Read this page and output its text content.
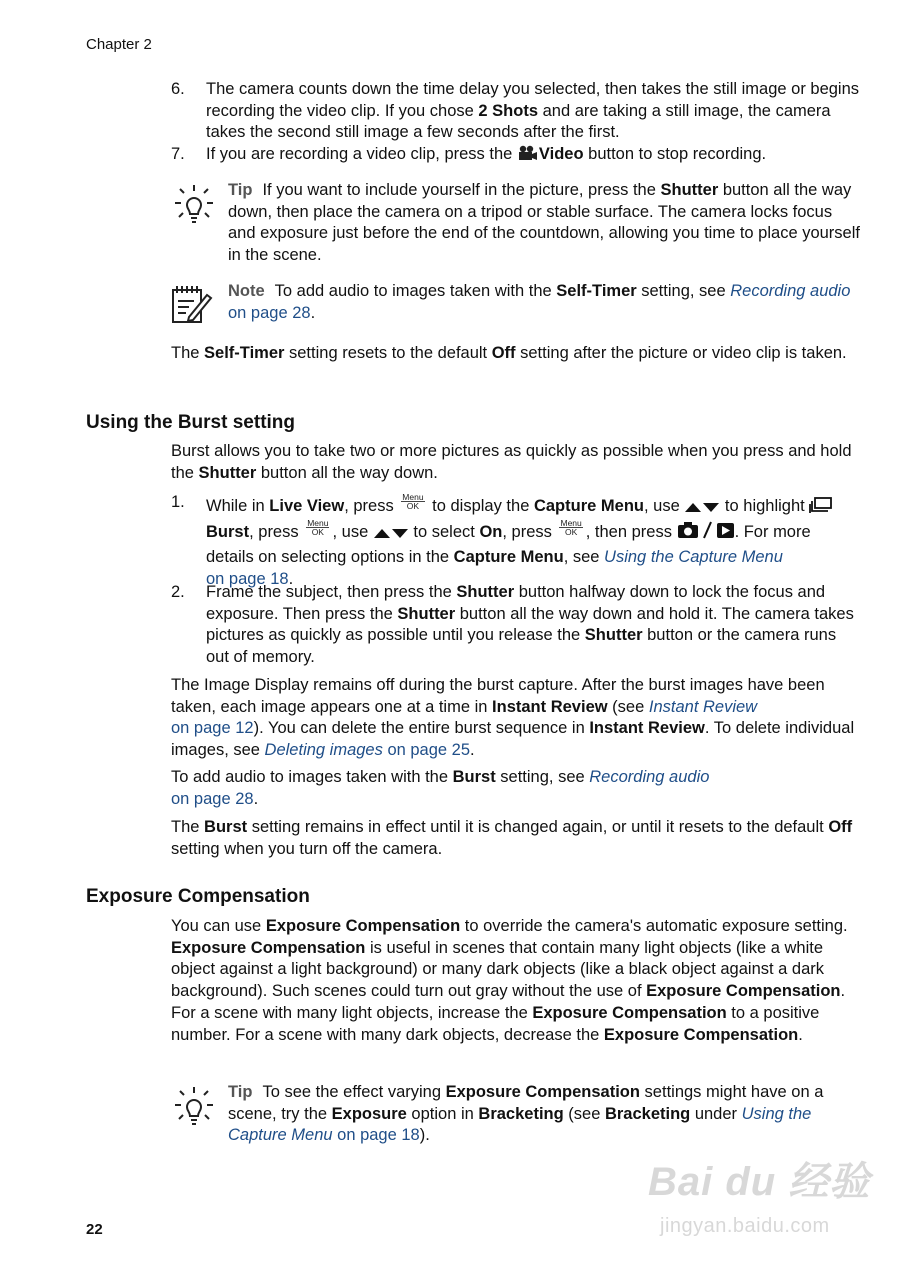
Chapter 2
6.	The camera counts down the time delay you selected, then takes the still image or begins recording the video clip. If you chose 2 Shots and are taking a still image, the camera takes the second still image a few seconds after the first.
7.	If you are recording a video clip, press the Video button to stop recording.
Tip If you want to include yourself in the picture, press the Shutter button all the way down, then place the camera on a tripod or stable surface. The camera locks focus and exposure just before the end of the countdown, allowing you time to place yourself in the scene.
Note To add audio to images taken with the Self-Timer setting, see Recording audio on page 28.
The Self-Timer setting resets to the default Off setting after the picture or video clip is taken.
Using the Burst setting
Burst allows you to take two or more pictures as quickly as possible when you press and hold the Shutter button all the way down.
1.	While in Live View, press Menu
OK to display the Capture Menu, use  to highlight  Burst, press Menu
OK , use  to select On, press Menu
OK , then press	. For more details on selecting options in the Capture Menu, see Using the Capture Menu
on page 18.
2.	Frame the subject, then press the Shutter button halfway down to lock the focus and exposure. Then press the Shutter button all the way down and hold it. The camera takes pictures as quickly as possible until you release the Shutter button or the camera runs out of memory.
The Image Display remains off during the burst capture. After the burst images have been taken, each image appears one at a time in Instant Review (see Instant Review
on page 12). You can delete the entire burst sequence in Instant Review. To delete individual images, see Deleting images on page 25.
To add audio to images taken with the Burst setting, see Recording audio
on page 28.
The Burst setting remains in effect until it is changed again, or until it resets to the default Off setting when you turn off the camera.
Exposure Compensation
You can use Exposure Compensation to override the camera's automatic exposure setting. Exposure Compensation is useful in scenes that contain many light objects (like a white object against a light background) or many dark objects (like a black object against a dark background). Such scenes could turn out gray without the use of Exposure Compensation. For a scene with many light objects, increase the Exposure Compensation to a positive number. For a scene with many dark objects, decrease the Exposure Compensation.
Tip To see the effect varying Exposure Compensation settings might have on a scene, try the Exposure option in Bracketing (see Bracketing under Using the Capture Menu on page 18).
Bai du 经验
jingyan.baidu.com
22
